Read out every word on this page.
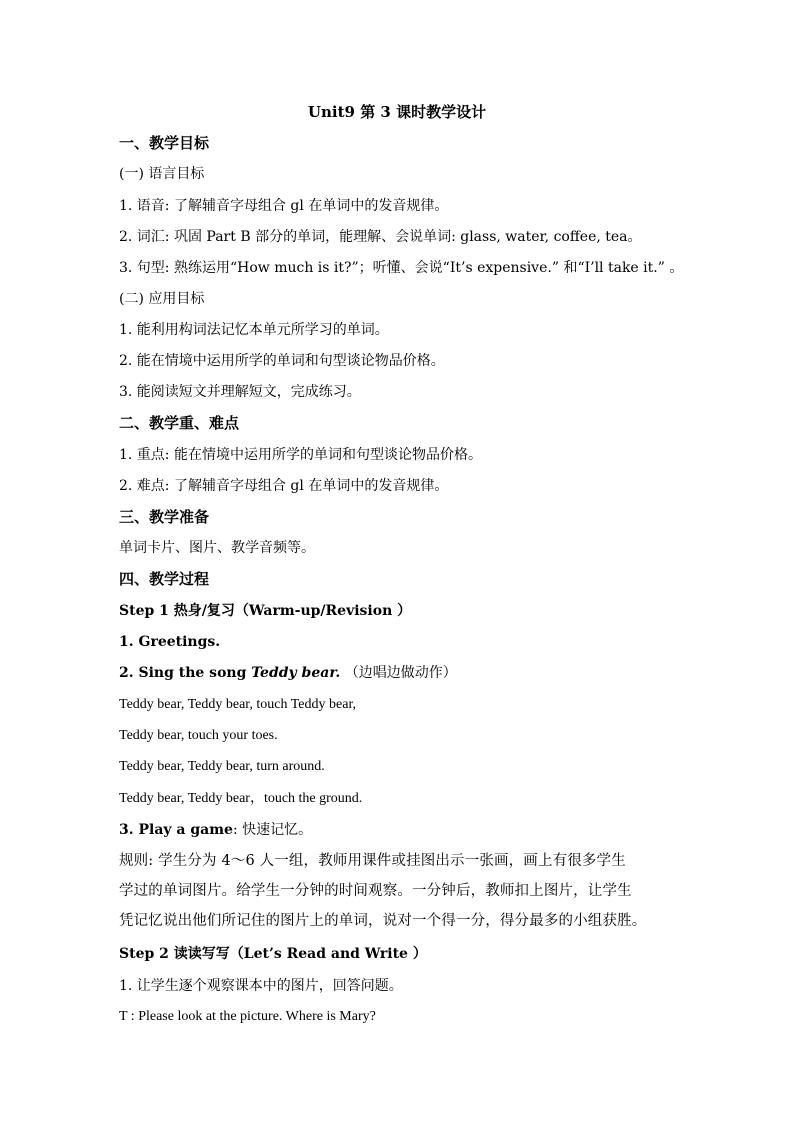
Unit9 第 3 课时教学设计
一、教学目标
(一) 语言目标
1. 语音: 了解辅音字母组合 gl 在单词中的发音规律。
2. 词汇: 巩固 Part B 部分的单词，能理解、会说单词: glass, water, coffee, tea。
3. 句型: 熟练运用“How much is it?”；听懂、会说“It’s expensive.” 和“I’ll take it.” 。
(二) 应用目标
1. 能利用构词法记忆本单元所学习的单词。
2. 能在情境中运用所学的单词和句型谈论物品价格。
3. 能阅读短文并理解短文，完成练习。
二、教学重、难点
1. 重点: 能在情境中运用所学的单词和句型谈论物品价格。
2. 难点: 了解辅音字母组合 gl 在单词中的发音规律。
三、教学准备
单词卡片、图片、教学音频等。
四、教学过程
Step 1 热身/复习（Warm-up/Revision ）
1. Greetings.
2. Sing the song Teddy bear. （边唱边做动作）
Teddy bear, Teddy bear, touch Teddy bear,
Teddy bear, touch your toes.
Teddy bear, Teddy bear, turn around.
Teddy bear, Teddy bear，touch the ground.
3. Play a game: 快速记忆。
规则: 学生分为 4～6 人一组，教师用课件或挂图出示一张画，画上有很多学生
学过的单词图片。给学生一分钟的时间观察。一分钟后，教师扣上图片，让学生
凭记忆说出他们所记住的图片上的单词，说对一个得一分，得分最多的小组获胜。
Step 2 读读写写（Let’s Read and Write ）
1. 让学生逐个观察课本中的图片，回答问题。
T : Please look at the picture. Where is Mary?
